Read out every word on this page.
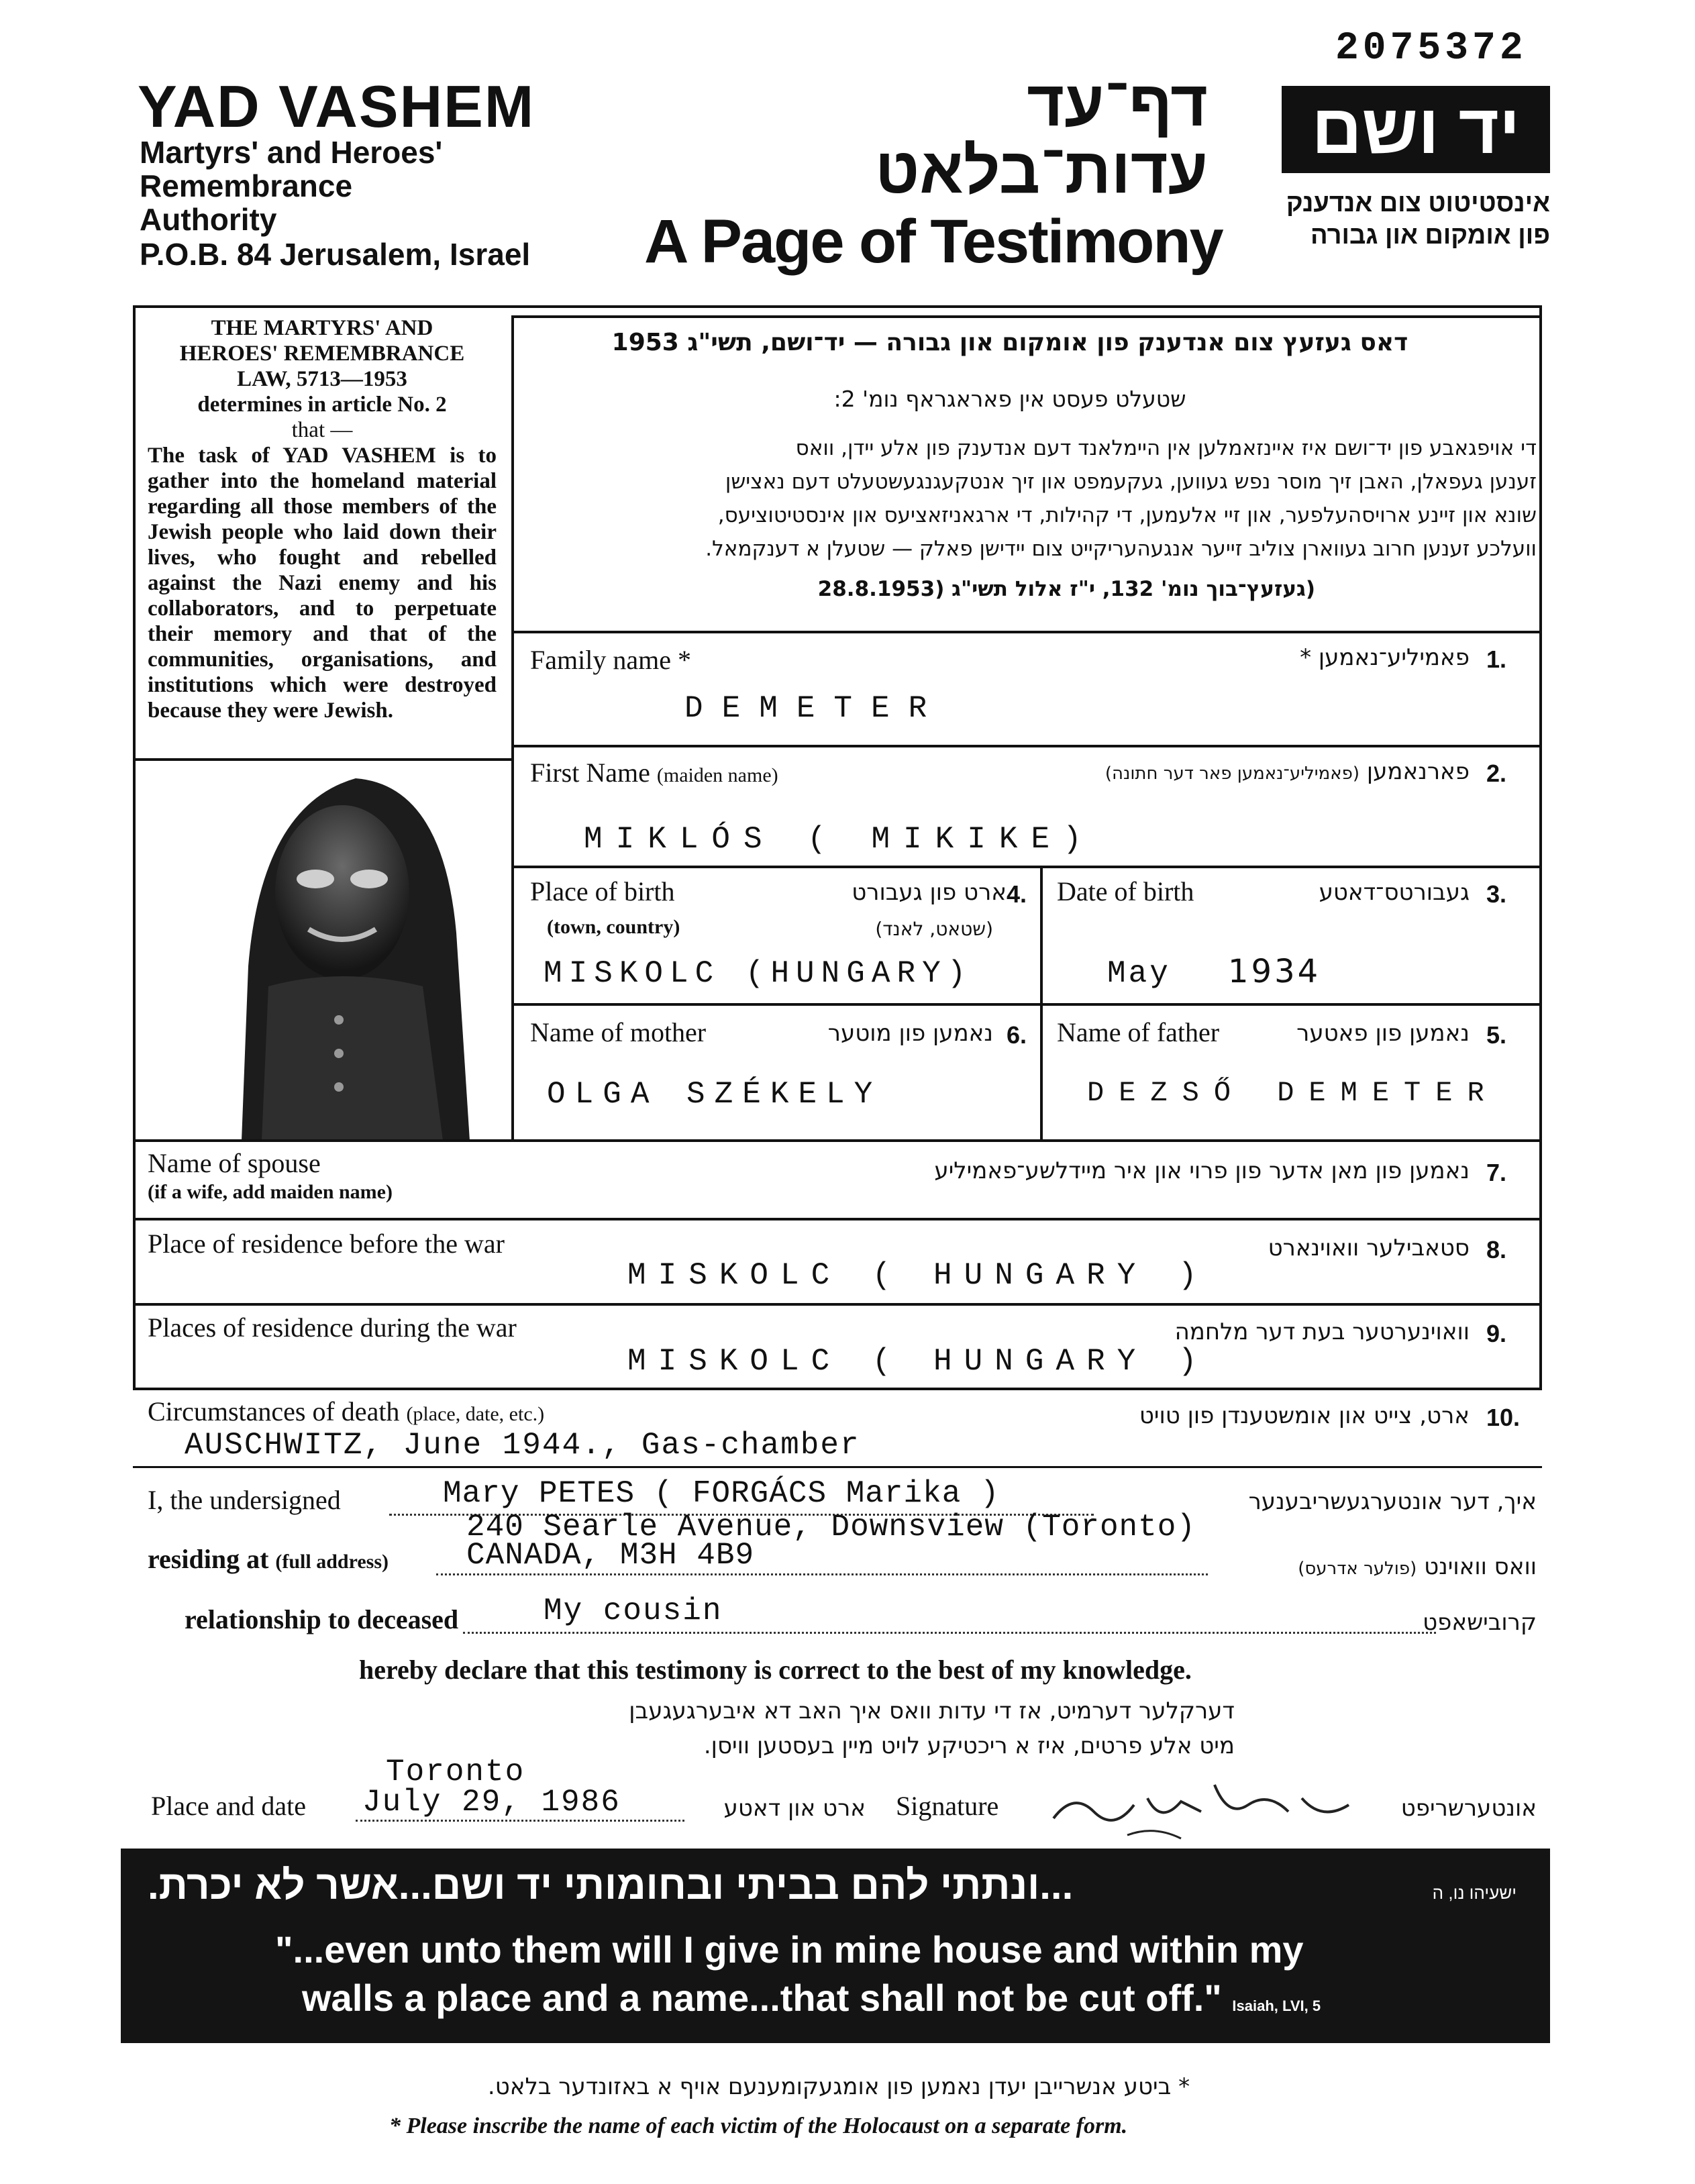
2075372
YAD VASHEM
Martyrs' and Heroes'
Remembrance
Authority
P.O.B. 84 Jerusalem, Israel
דף־עד
עדות־בלאט
A Page of Testimony
יד ושם
אינסטיטוט צום אנדענק
פון אומקום און גבורה
THE MARTYRS' AND
HEROES' REMEMBRANCE
LAW, 5713—1953
determines in article No. 2
that —
The task of YAD VASHEM is to gather into the homeland material regarding all those members of the Jewish people who laid down their lives, who fought and rebelled against the Nazi enemy and his collaborators, and to perpetuate their memory and that of the communities, organisations, and institutions which were destroyed because they were Jewish.
דאס געזעץ צום אנדענק פון אומקום און גבורה — יד־ושם, תשי"ג 1953
שטעלט פעסט אין פאראגראף נומ' 2:
די אויפגאבע פון יד־ושם איז איינזאמלען אין היימלאנד דעם אנדענק פון אלע יידן, וואס
זענען געפאלן, האבן זיך מוסר נפש געווען, געקעמפט און זיך אנטקעגנגעשטעלט דעם נאצישן
שונא און זיינע ארויסהעלפער, און זיי אלעמען, די קהילות, די ארגאניזאציעס און אינסטיטוציעס,
וועלכע זענען חרוב געווארן צוליב זייער אנגעהעריקייט צום יידישן פאלק — שטעלן א דענקמאל.
(געזעץ־בוך נומ' 132, י"ז אלול תשי"ג (28.8.1953
Family name *	פאמיליע־נאמען * 1.
DEMETER
First Name (maiden name)	פארנאמען (פאמיליע־נאמען פאר דער חתונה)	2.
MIKLÓS ( MIKIKE)
Place of birth
(town, country)
ארט פון געבורט
(שטאט, לאנד)
4.
MISKOLC (HUNGARY)
Date of birth	געבורטס־דאטע 3.
May 1934
Name of mother	נאמען פון מוטער 6.
OLGA SZÉKELY
Name of father	נאמען פון פאטער 5.
DEZSŐ DEMETER
Name of spouse
(if a wife, add maiden name)
נאמען פון מאן אדער פון פרוי און איר מיידלשע־פאמיליע 7.
Place of residence before the war	סטאבילער וואוינארט 8.
MISKOLC ( HUNGARY )
Places of residence during the war	וואוינערטער בעת דער מלחמה 9.
MISKOLC ( HUNGARY )
Circumstances of death (place, date, etc.)	ארט, צייט און אומשטענדן פון טויט 10.
AUSCHWITZ, June 1944., Gas-chamber
I, the undersigned	Mary PETES ( FORGÁCS Marika )	איך, דער אונטערגעשריבענער
240 Searle Avenue, Downsview (Toronto)
residing at (full address)	CANADA, M3H 4B9	וואס וואוינט (פולער אדרעס)
relationship to deceased	My cousin	קרובישאפט
hereby declare that this testimony is correct to the best of my knowledge.
דערקלער דערמיט, אז די עדות וואס איך האב דא איבערגעגעבן
מיט אלע פרטים, איז א ריכטיקע לויט מיין בעסטען וויסן.
Toronto
Place and date July 29, 1986	ארט און דאטע Signature	אונטערשריפט
ישעיהו נו, ה
...ונתתי להם בביתי ובחומותי יד ושם...אשר לא יכרת.
"...even unto them will I give in mine house and within my
walls a place and a name...that shall not be cut off." Isaiah, LVI, 5
* ביטע אנשרייבן יעדן נאמען פון אומגעקומענעם אויף א באזונדער בלאט.
* Please inscribe the name of each victim of the Holocaust on a separate form.
